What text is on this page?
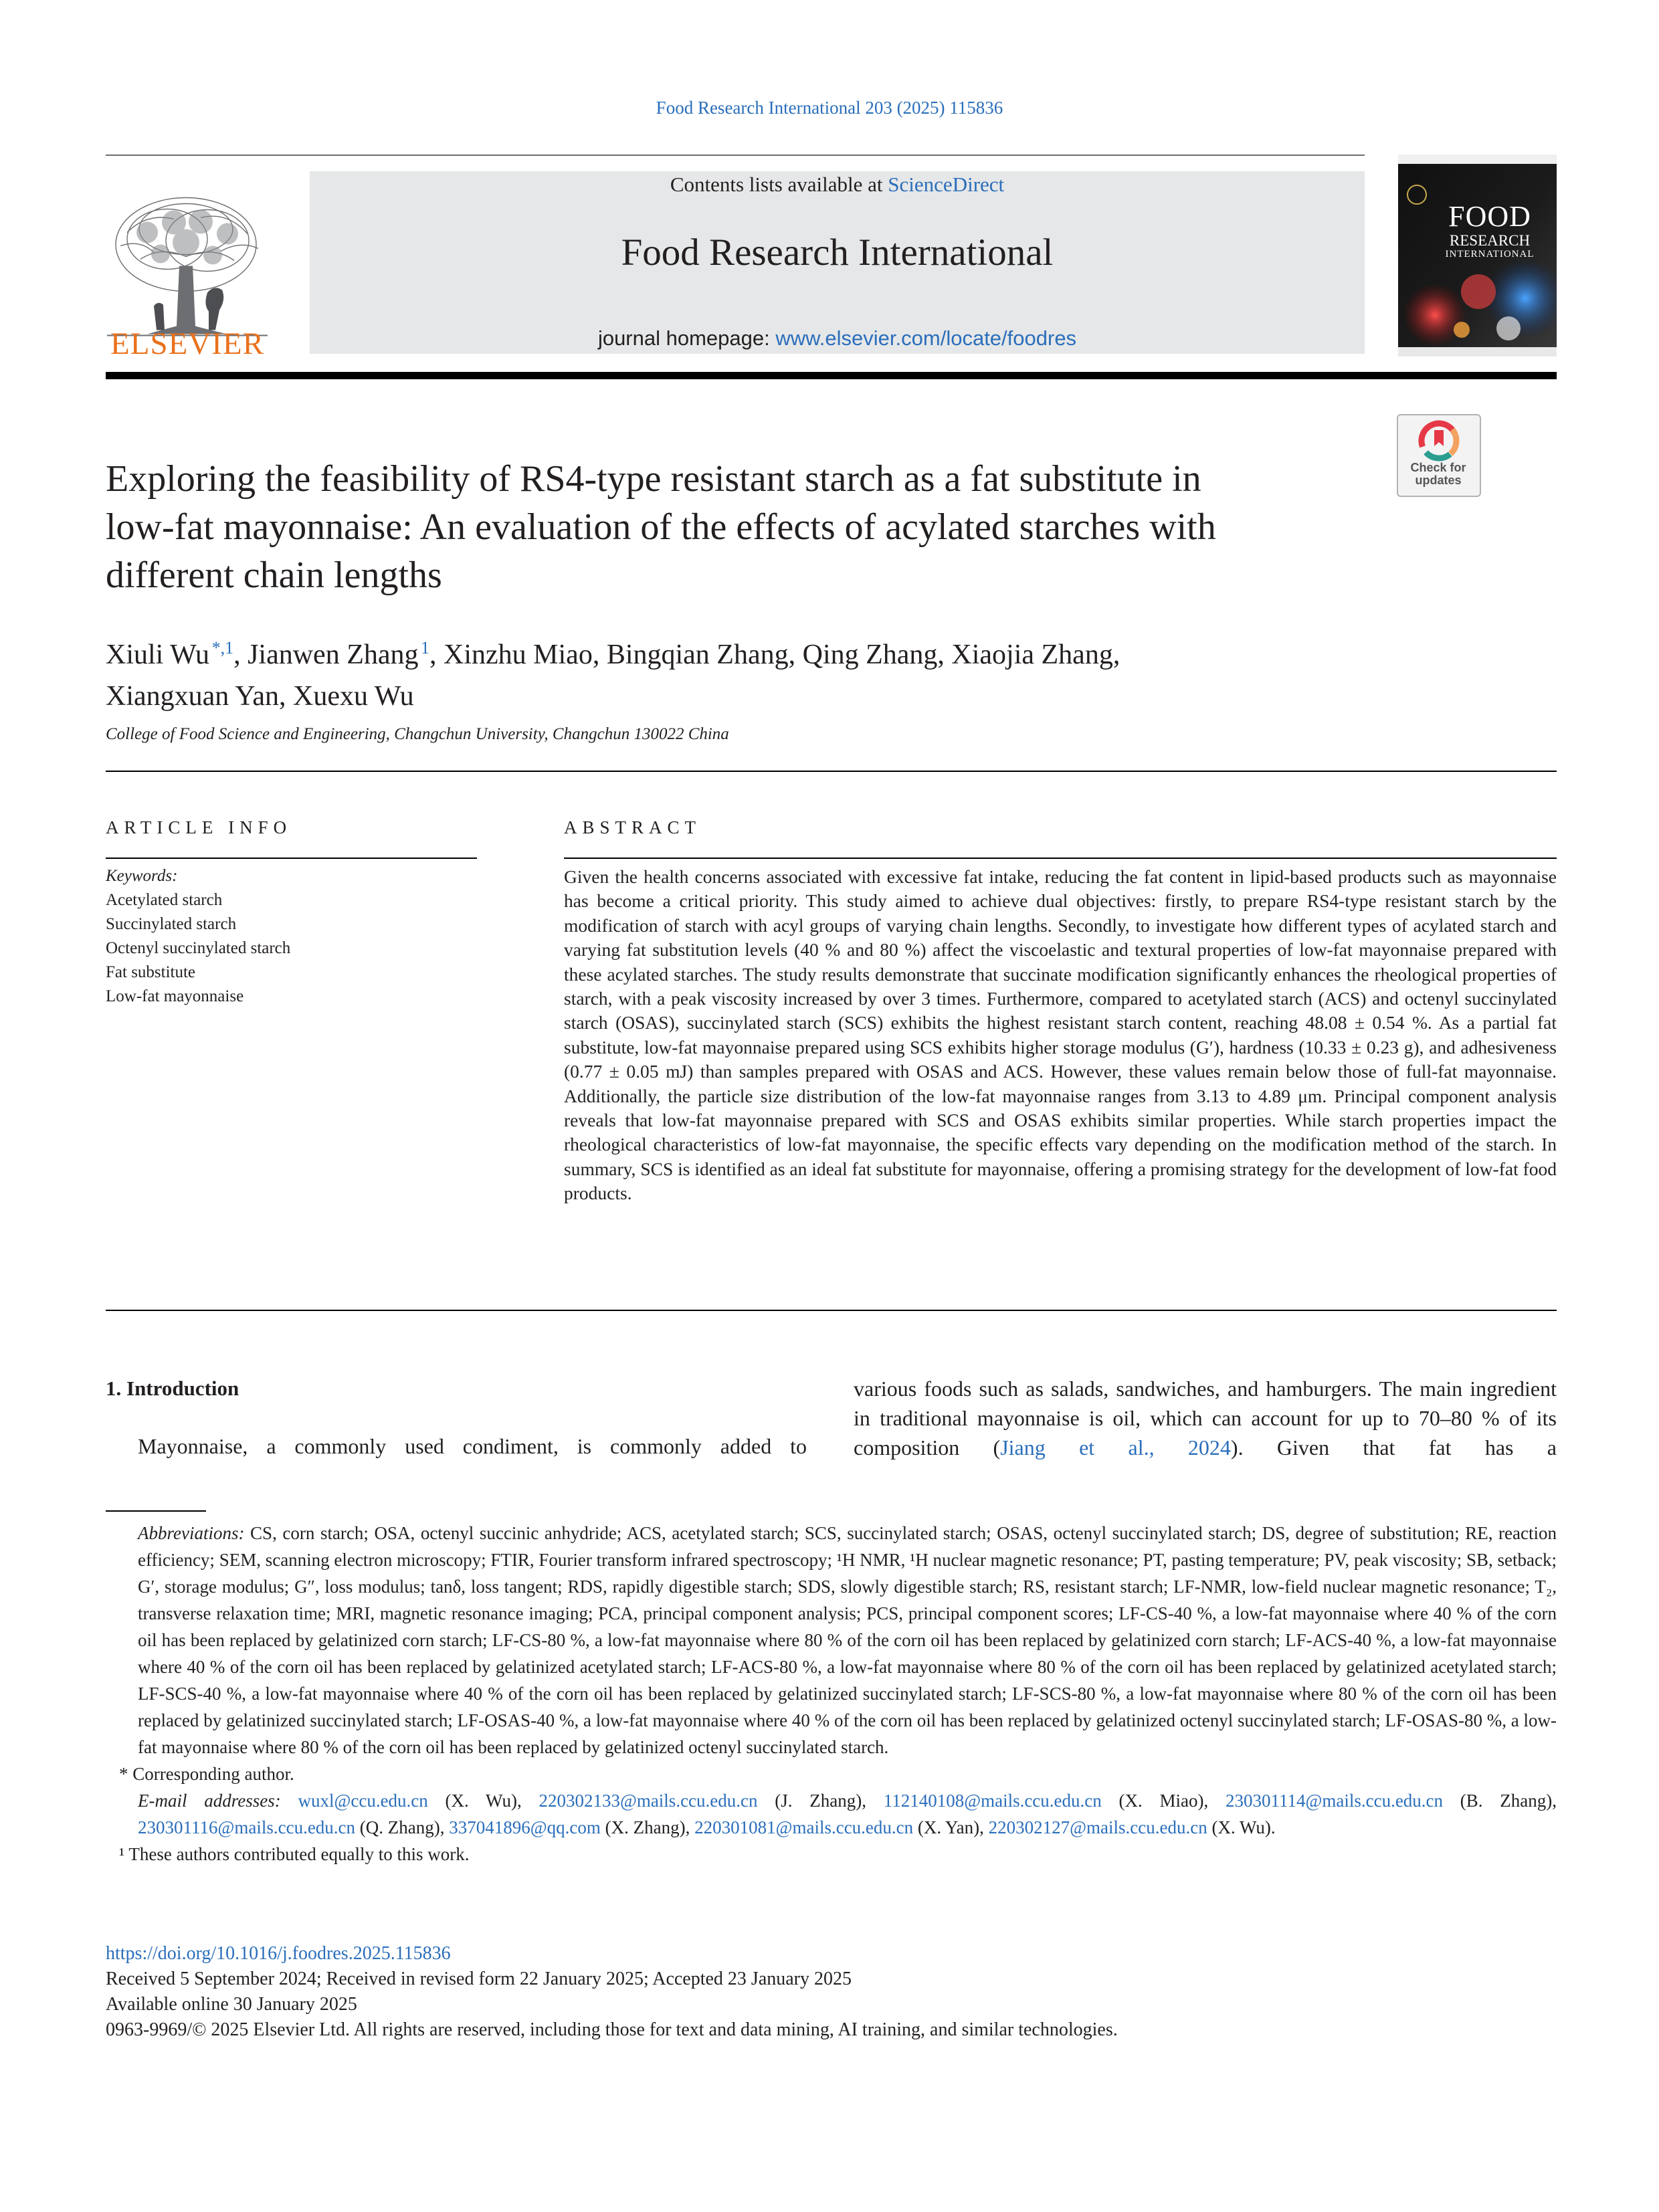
Food Research International 203 (2025) 115836
ELSEVIER
Contents lists available at ScienceDirect
Food Research International
journal homepage: www.elsevier.com/locate/foodres
FOOD
RESEARCH
INTERNATIONAL
Check for
updates
Exploring the feasibility of RS4-type resistant starch as a fat substitute in
low-fat mayonnaise: An evaluation of the effects of acylated starches with
different chain lengths
Xiuli Wu  $^{*,1}$, Jianwen Zhang  $^1$, Xinzhu Miao, Bingqian Zhang, Qing Zhang, Xiaojia Zhang,
Xiangxuan Yan, Xuexu Wu
College of Food Science and Engineering, Changchun University, Changchun 130022 China
ARTICLE INFO
Keywords:
Acetylated starch
Succinylated starch
Octenyl succinylated starch
Fat substitute
Low-fat mayonnaise
ABSTRACT

Given the health concerns associated with excessive fat intake, reducing the fat content in lipid-based products such as mayonnaise has become a critical priority. This study aimed to achieve dual objectives: firstly, to prepare RS4-type resistant starch by the modification of starch with acyl groups of varying chain lengths. Secondly, to investigate how different types of acylated starch and varying fat substitution levels (40 % and 80 %) affect the viscoelastic and textural properties of low-fat mayonnaise prepared with these acylated starches. The study results demonstrate that succinate modification significantly enhances the rheological properties of starch, with a peak viscosity increased by over 3 times. Furthermore, compared to acetylated starch (ACS) and octenyl succinylated starch (OSAS), succinylated starch (SCS) exhibits the highest resistant starch content, reaching 48.08 ± 0.54 %. As a partial fat substitute, low-fat mayonnaise prepared using SCS exhibits higher storage modulus (G′), hardness (10.33 ± 0.23 g), and adhesiveness (0.77 ± 0.05 mJ) than samples prepared with OSAS and ACS. However, these values remain below those of full-fat mayonnaise. Additionally, the particle size distribution of the low-fat mayonnaise ranges from 3.13 to 4.89 μm. Principal component analysis reveals that low-fat mayonnaise prepared with SCS and OSAS exhibits similar properties. While starch properties impact the rheological characteristics of low-fat mayonnaise, the specific effects vary depending on the modification method of the starch. In summary, SCS is identified as an ideal fat substitute for mayonnaise, offering a promising strategy for the development of low-fat food products.

1. Introduction

Mayonnaise, a commonly used condiment, is commonly added to

various foods such as salads, sandwiches, and hamburgers. The main ingredient in traditional mayonnaise is oil, which can account for up to 70–80 % of its composition (Jiang et al., 2024). Given that fat has a

Abbreviations: CS, corn starch; OSA, octenyl succinic anhydride; ACS, acetylated starch; SCS, succinylated starch; OSAS, octenyl succinylated starch; DS, degree of substitution; RE, reaction efficiency; SEM, scanning electron microscopy; FTIR, Fourier transform infrared spectroscopy; ¹H NMR, ¹H nuclear magnetic resonance; PT, pasting temperature; PV, peak viscosity; SB, setback; G′, storage modulus; G″, loss modulus; tanδ, loss tangent; RDS, rapidly digestible starch; SDS, slowly digestible starch; RS, resistant starch; LF-NMR, low-field nuclear magnetic resonance; T₂, transverse relaxation time; MRI, magnetic resonance imaging; PCA, principal component analysis; PCS, principal component scores; LF-CS-40 %, a low-fat mayonnaise where 40 % of the corn oil has been replaced by gelatinized corn starch; LF-CS-80 %, a low-fat mayonnaise where 80 % of the corn oil has been replaced by gelatinized corn starch; LF-ACS-40 %, a low-fat mayonnaise where 40 % of the corn oil has been replaced by gelatinized acetylated starch; LF-ACS-80 %, a low-fat mayonnaise where 80 % of the corn oil has been replaced by gelatinized acetylated starch; LF-SCS-40 %, a low-fat mayonnaise where 40 % of the corn oil has been replaced by gelatinized succinylated starch; LF-SCS-80 %, a low-fat mayonnaise where 80 % of the corn oil has been replaced by gelatinized succinylated starch; LF-OSAS-40 %, a low-fat mayonnaise where 40 % of the corn oil has been replaced by gelatinized octenyl succinylated starch; LF-OSAS-80 %, a low-fat mayonnaise where 80 % of the corn oil has been replaced by gelatinized octenyl succinylated starch.

* Corresponding author.

E-mail addresses: wuxl@ccu.edu.cn (X. Wu), 220302133@mails.ccu.edu.cn (J. Zhang), 112140108@mails.ccu.edu.cn (X. Miao), 230301114@mails.ccu.edu.cn (B. Zhang), 230301116@mails.ccu.edu.cn (Q. Zhang), 337041896@qq.com (X. Zhang), 220301081@mails.ccu.edu.cn (X. Yan), 220302127@mails.ccu.edu.cn (X. Wu).

¹ These authors contributed equally to this work.

https://doi.org/10.1016/j.foodres.2025.115836
Received 5 September 2024; Received in revised form 22 January 2025; Accepted 23 January 2025
Available online 30 January 2025
0963-9969/© 2025 Elsevier Ltd. All rights are reserved, including those for text and data mining, AI training, and similar technologies.
